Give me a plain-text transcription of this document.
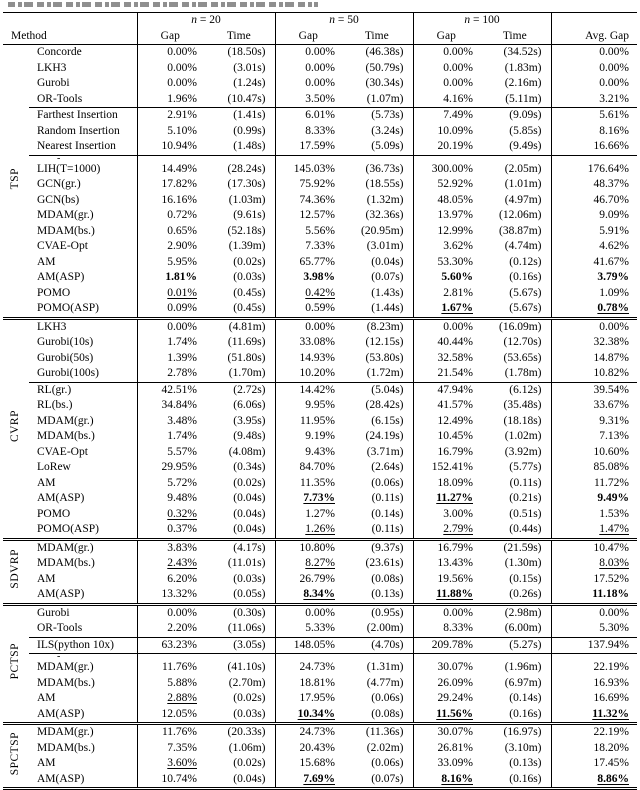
		n = 20		n = 50		n = 100		
Method		Gap	Time	Gap	Time	Gap	Time	Avg. Gap
TSP	Concorde	0.00%	(18.50s)	0.00%	(46.38s)	0.00%	(34.52s)	0.00%
	LKH3	0.00%	(3.01s)	0.00%	(50.79s)	0.00%	(1.83m)	0.00%
	Gurobi	0.00%	(1.24s)	0.00%	(30.34s)	0.00%	(2.16m)	0.00%
	OR-Tools	1.96%	(10.47s)	3.50%	(1.07m)	4.16%	(5.11m)	3.21%
	Farthest Insertion	2.91%	(1.41s)	6.01%	(5.73s)	7.49%	(9.09s)	5.61%
	Random Insertion	5.10%	(0.99s)	8.33%	(3.24s)	10.09%	(5.85s)	8.16%
	Nearest Insertion	10.94%	(1.48s)	17.59%	(5.09s)	20.19%	(9.49s)	16.66%
	-							
	LIH(T=1000)	14.49%	(28.24s)	145.03%	(36.73s)	300.00%	(2.05m)	176.64%
	GCN(gr.)	17.82%	(17.30s)	75.92%	(18.55s)	52.92%	(1.01m)	48.37%
	GCN(bs)	16.16%	(1.03m)	74.36%	(1.32m)	48.05%	(4.97m)	46.70%
	MDAM(gr.)	0.72%	(9.61s)	12.57%	(32.36s)	13.97%	(12.06m)	9.09%
	MDAM(bs.)	0.65%	(52.18s)	5.56%	(20.95m)	12.99%	(38.87m)	5.91%
	CVAE-Opt	2.90%	(1.39m)	7.33%	(3.01m)	3.62%	(4.74m)	4.62%
	AM	5.95%	(0.02s)	65.77%	(0.04s)	53.30%	(0.12s)	41.67%
	AM(ASP)	1.81%	(0.03s)	3.98%	(0.07s)	5.60%	(0.16s)	3.79%
	POMO	0.01%	(0.45s)	0.42%	(1.43s)	2.81%	(5.67s)	1.09%
	POMO(ASP)	0.09%	(0.45s)	0.59%	(1.44s)	1.67%	(5.67s)	0.78%
CVRP	LKH3	0.00%	(4.81m)	0.00%	(8.23m)	0.00%	(16.09m)	0.00%
	Gurobi(10s)	1.74%	(11.69s)	33.08%	(12.15s)	40.44%	(12.70s)	32.38%
	Gurobi(50s)	1.39%	(51.80s)	14.93%	(53.80s)	32.58%	(53.65s)	14.87%
	Gurobi(100s)	2.78%	(1.70m)	10.20%	(1.72m)	21.54%	(1.78m)	10.82%
	RL(gr.)	42.51%	(2.72s)	14.42%	(5.04s)	47.94%	(6.12s)	39.54%
	RL(bs.)	34.84%	(6.06s)	9.95%	(28.42s)	41.57%	(35.48s)	33.67%
	MDAM(gr.)	3.48%	(3.95s)	11.95%	(6.15s)	12.49%	(18.18s)	9.31%
	MDAM(bs.)	1.74%	(9.48s)	9.19%	(24.19s)	10.45%	(1.02m)	7.13%
	CVAE-Opt	5.57%	(4.08m)	9.43%	(3.71m)	16.79%	(3.92m)	10.60%
	LoRew	29.95%	(0.34s)	84.70%	(2.64s)	152.41%	(5.77s)	85.08%
	AM	5.72%	(0.02s)	11.35%	(0.06s)	18.09%	(0.11s)	11.72%
	AM(ASP)	9.48%	(0.04s)	7.73%	(0.11s)	11.27%	(0.21s)	9.49%
	POMO	0.32%	(0.04s)	1.27%	(0.14s)	3.00%	(0.51s)	1.53%
	POMO(ASP)	0.37%	(0.04s)	1.26%	(0.11s)	2.79%	(0.44s)	1.47%
SDVRP	MDAM(gr.)	3.83%	(4.17s)	10.80%	(9.37s)	16.79%	(21.59s)	10.47%
	MDAM(bs.)	2.43%	(11.01s)	8.27%	(23.61s)	13.43%	(1.30m)	8.03%
	AM	6.20%	(0.03s)	26.79%	(0.08s)	19.56%	(0.15s)	17.52%
	AM(ASP)	13.32%	(0.05s)	8.34%	(0.13s)	11.88%	(0.26s)	11.18%
PCTSP	Gurobi	0.00%	(0.30s)	0.00%	(0.95s)	0.00%	(2.98m)	0.00%
	OR-Tools	2.20%	(11.06s)	5.33%	(2.00m)	8.33%	(6.00m)	5.30%
	ILS(python 10x)	63.23%	(3.05s)	148.05%	(4.70s)	209.78%	(5.27s)	137.94%
	-							
	MDAM(gr.)	11.76%	(41.10s)	24.73%	(1.31m)	30.07%	(1.96m)	22.19%
	MDAM(bs.)	5.88%	(2.70m)	18.81%	(4.77m)	26.09%	(6.97m)	16.93%
	AM	2.88%	(0.02s)	17.95%	(0.06s)	29.24%	(0.14s)	16.69%
	AM(ASP)	12.05%	(0.03s)	10.34%	(0.08s)	11.56%	(0.16s)	11.32%
SPCTSP	MDAM(gr.)	11.76%	(20.33s)	24.73%	(11.36s)	30.07%	(16.97s)	22.19%
	MDAM(bs.)	7.35%	(1.06m)	20.43%	(2.02m)	26.81%	(3.10m)	18.20%
	AM	3.60%	(0.02s)	15.68%	(0.06s)	33.09%	(0.13s)	17.45%
	AM(ASP)	10.74%	(0.04s)	7.69%	(0.07s)	8.16%	(0.16s)	8.86%
